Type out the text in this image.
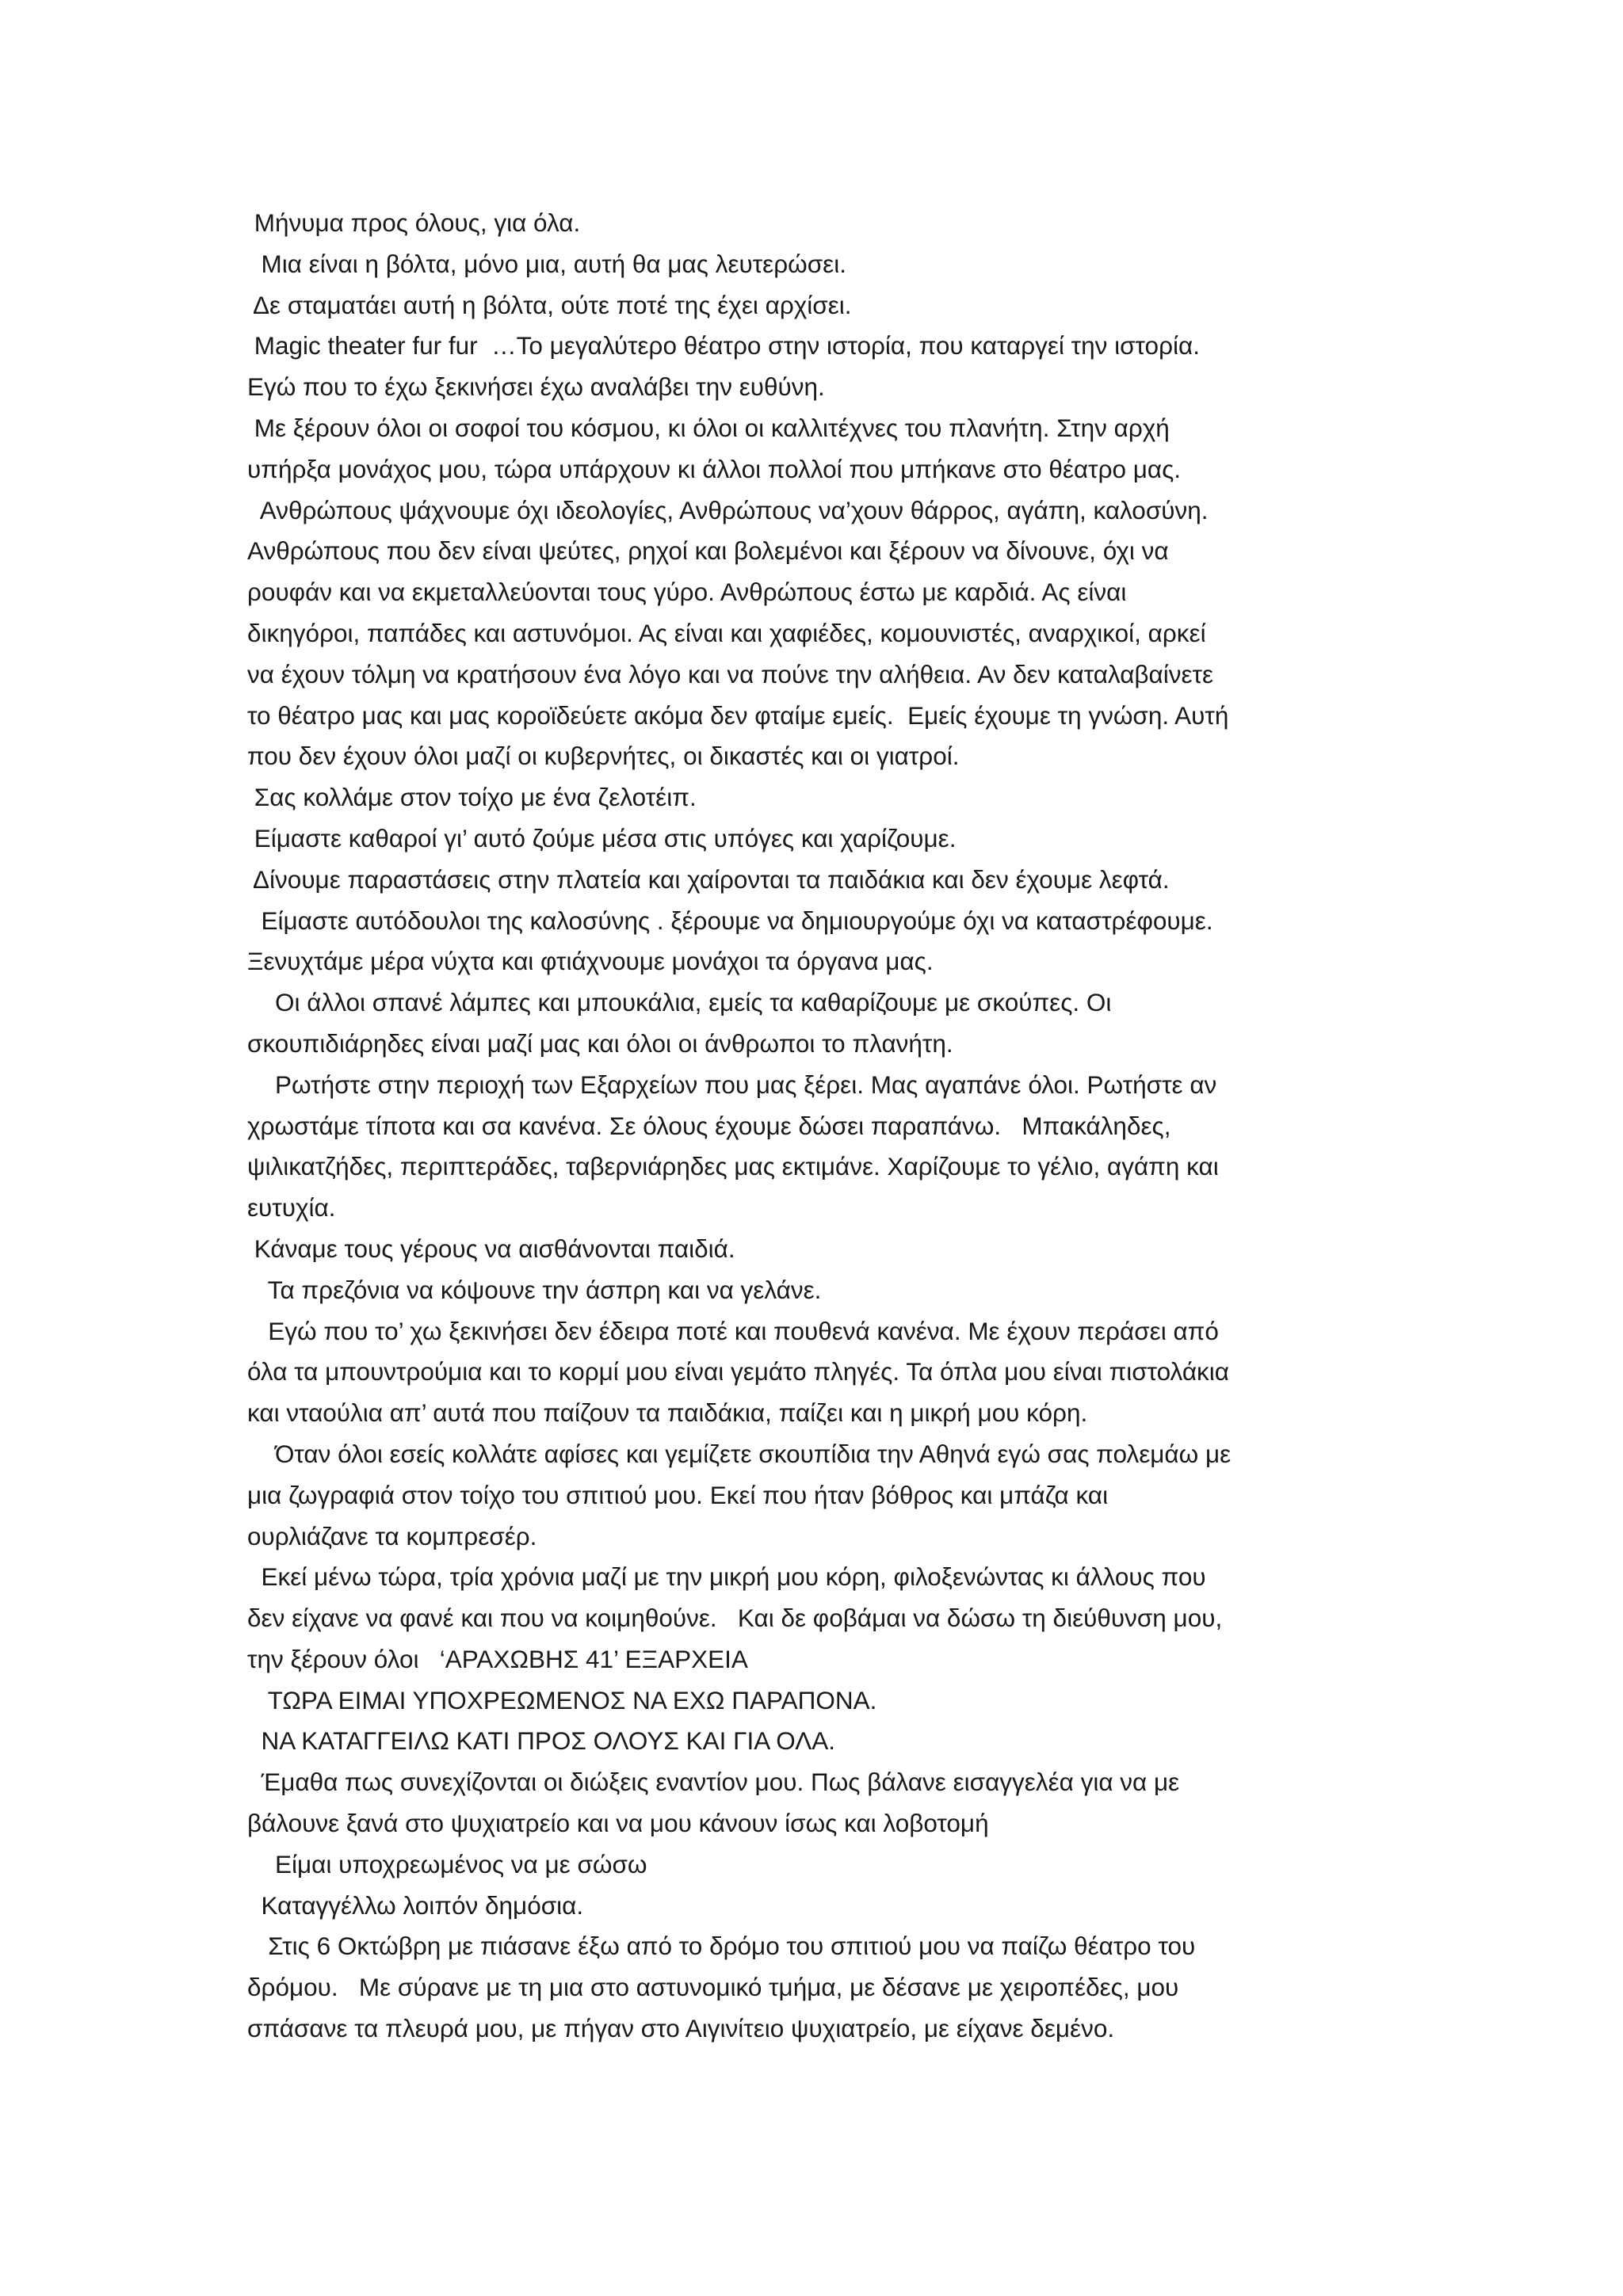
Μήνυμα προς όλους, για όλα.
Μια είναι η βόλτα, μόνο μια, αυτή θα μας λευτερώσει.
Δε σταματάει αυτή η βόλτα, ούτε ποτέ της έχει αρχίσει.
Magic theater fur fur  …Το μεγαλύτερο θέατρο στην ιστορία, που καταργεί την ιστορία.
Εγώ που το έχω ξεκινήσει έχω αναλάβει την ευθύνη.
Με ξέρουν όλοι οι σοφοί του κόσμου, κι όλοι οι καλλιτέχνες του πλανήτη. Στην αρχή
υπήρξα μονάχος μου, τώρα υπάρχουν κι άλλοι πολλοί που μπήκανε στο θέατρο μας.
Ανθρώπους ψάχνουμε όχι ιδεολογίες, Ανθρώπους να’χουν θάρρος, αγάπη, καλοσύνη.
Ανθρώπους που δεν είναι ψεύτες, ρηχοί και βολεμένοι και ξέρουν να δίνουνε, όχι να
ρουφάν και να εκμεταλλεύονται τους γύρο. Ανθρώπους έστω με καρδιά. Ας είναι
δικηγόροι, παπάδες και αστυνόμοι. Ας είναι και χαφιέδες, κομουνιστές, αναρχικοί, αρκεί
να έχουν τόλμη να κρατήσουν ένα λόγο και να πούνε την αλήθεια. Αν δεν καταλαβαίνετε
το θέατρο μας και μας κοροϊδεύετε ακόμα δεν φταίμε εμείς.  Εμείς έχουμε τη γνώση. Αυτή
που δεν έχουν όλοι μαζί οι κυβερνήτες, οι δικαστές και οι γιατροί.
Σας κολλάμε στον τοίχο με ένα ζελοτέιπ.
Είμαστε καθαροί γι’ αυτό ζούμε μέσα στις υπόγες και χαρίζουμε.
Δίνουμε παραστάσεις στην πλατεία και χαίρονται τα παιδάκια και δεν έχουμε λεφτά.
Είμαστε αυτόδουλοι της καλοσύνης . ξέρουμε να δημιουργούμε όχι να καταστρέφουμε.
Ξενυχτάμε μέρα νύχτα και φτιάχνουμε μονάχοι τα όργανα μας.
Οι άλλοι σπανέ λάμπες και μπουκάλια, εμείς τα καθαρίζουμε με σκούπες. Οι
σκουπιδιάρηδες είναι μαζί μας και όλοι οι άνθρωποι το πλανήτη.
Ρωτήστε στην περιοχή των Εξαρχείων που μας ξέρει. Μας αγαπάνε όλοι. Ρωτήστε αν
χρωστάμε τίποτα και σα κανένα. Σε όλους έχουμε δώσει παραπάνω.   Μπακάληδες,
ψιλικατζήδες, περιπτεράδες, ταβερνιάρηδες μας εκτιμάνε. Χαρίζουμε το γέλιο, αγάπη και
ευτυχία.
Κάναμε τους γέρους να αισθάνονται παιδιά.
Τα πρεζόνια να κόψουνε την άσπρη και να γελάνε.
Εγώ που το’ χω ξεκινήσει δεν έδειρα ποτέ και πουθενά κανένα. Με έχουν περάσει από
όλα τα μπουντρούμια και το κορμί μου είναι γεμάτο πληγές. Τα όπλα μου είναι πιστολάκια
και νταούλια απ’ αυτά που παίζουν τα παιδάκια, παίζει και η μικρή μου κόρη.
Όταν όλοι εσείς κολλάτε αφίσες και γεμίζετε σκουπίδια την Αθηνά εγώ σας πολεμάω με
μια ζωγραφιά στον τοίχο του σπιτιού μου. Εκεί που ήταν βόθρος και μπάζα και
ουρλιάζανε τα κομπρεσέρ.
Εκεί μένω τώρα, τρία χρόνια μαζί με την μικρή μου κόρη, φιλοξενώντας κι άλλους που
δεν είχανε να φανέ και που να κοιμηθούνε.   Και δε φοβάμαι να δώσω τη διεύθυνση μου,
την ξέρουν όλοι   ‘ΑΡΑΧΩΒΗΣ 41’ ΕΞΑΡΧΕΙΑ
ΤΩΡΑ ΕΙΜΑΙ ΥΠΟΧΡΕΩΜΕΝΟΣ ΝΑ ΕΧΩ ΠΑΡΑΠΟΝΑ.
ΝΑ ΚΑΤΑΓΓΕΙΛΩ ΚΑΤΙ ΠΡΟΣ ΟΛΟΥΣ ΚΑΙ ΓΙΑ ΟΛΑ.
Έμαθα πως συνεχίζονται οι διώξεις εναντίον μου. Πως βάλανε εισαγγελέα για να με
βάλουνε ξανά στο ψυχιατρείο και να μου κάνουν ίσως και λοβοτομή
Είμαι υποχρεωμένος να με σώσω
Καταγγέλλω λοιπόν δημόσια.
Στις 6 Οκτώβρη με πιάσανε έξω από το δρόμο του σπιτιού μου να παίζω θέατρο του
δρόμου.   Με σύρανε με τη μια στο αστυνομικό τμήμα, με δέσανε με χειροπέδες, μου
σπάσανε τα πλευρά μου, με πήγαν στο Αιγινίτειο ψυχιατρείο, με είχανε δεμένο.
